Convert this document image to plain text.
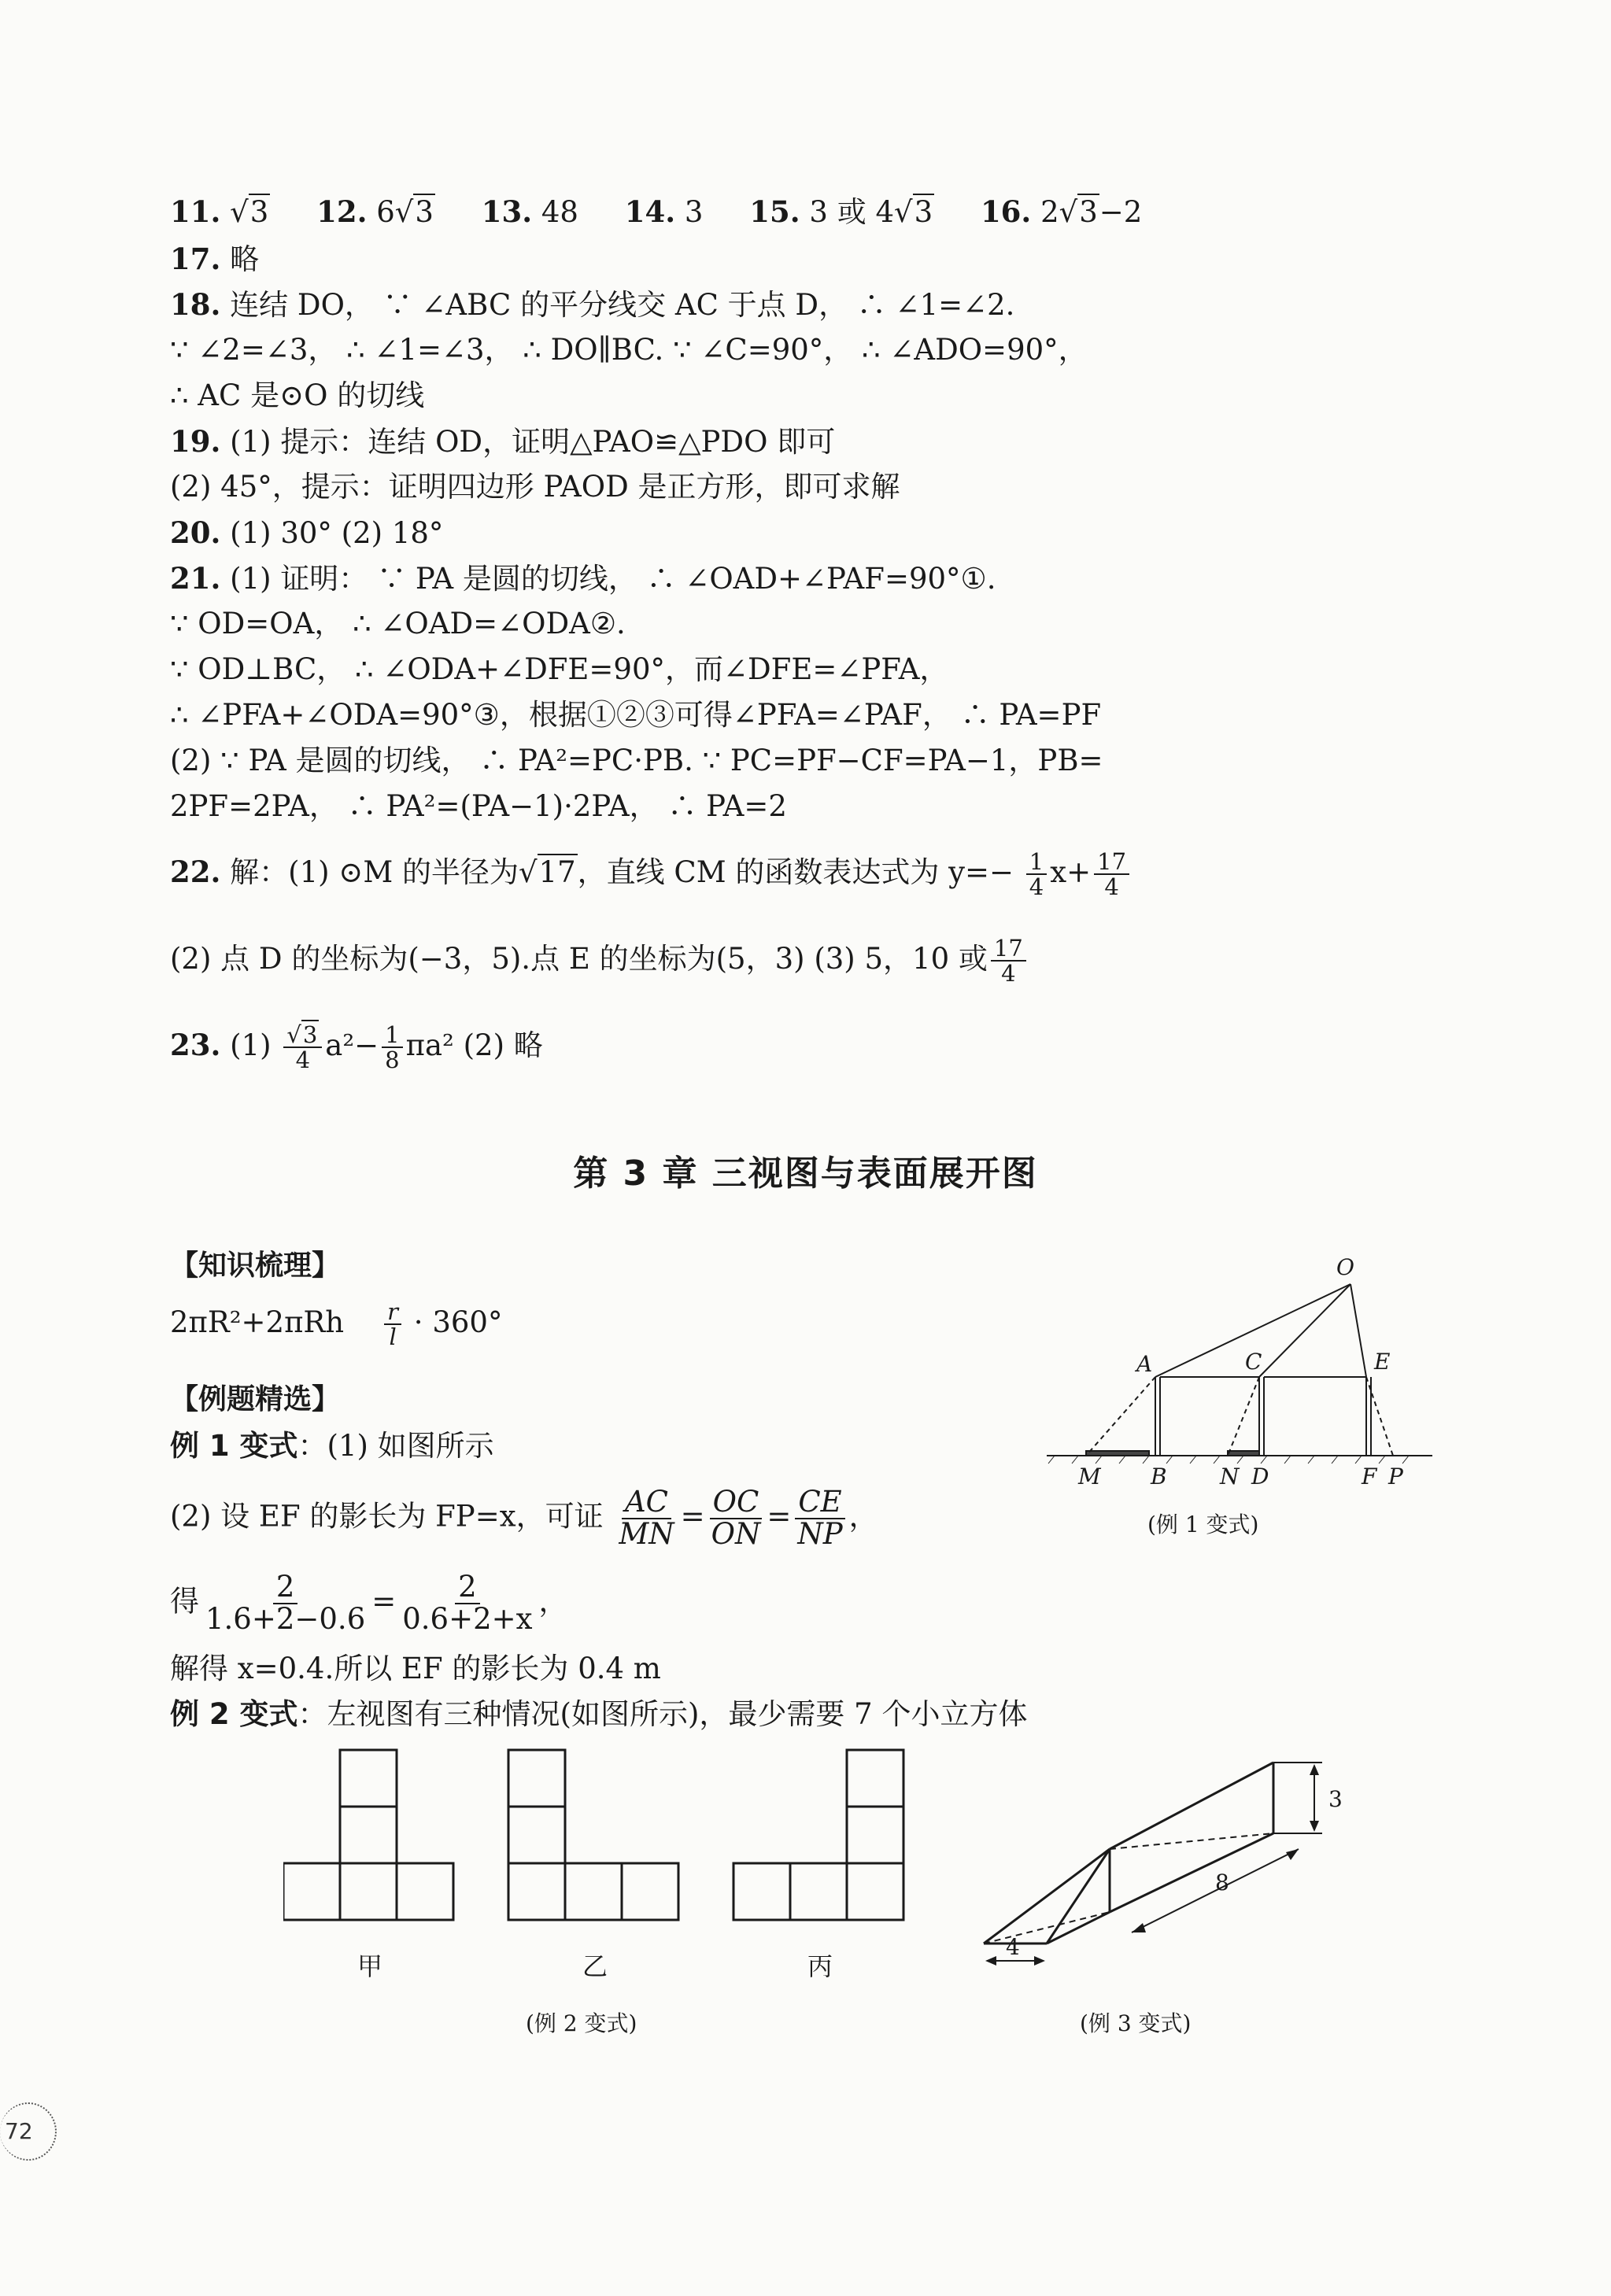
11. √3 12. 6√3 13. 48 14. 3 15. 3 或 4√3 16. 2√3−2
17. 略
18. 连结 DO， ∵ ∠ABC 的平分线交 AC 于点 D， ∴ ∠1=∠2.
∵ ∠2=∠3， ∴ ∠1=∠3， ∴ DO∥BC. ∵ ∠C=90°， ∴ ∠ADO=90°，
∴ AC 是⊙O 的切线
19. (1) 提示：连结 OD，证明△PAO≌△PDO 即可
(2) 45°，提示：证明四边形 PAOD 是正方形，即可求解
20. (1) 30° (2) 18°
21. (1) 证明： ∵ PA 是圆的切线， ∴ ∠OAD+∠PAF=90°①.
∵ OD=OA， ∴ ∠OAD=∠ODA②.
∵ OD⊥BC， ∴ ∠ODA+∠DFE=90°，而∠DFE=∠PFA，
∴ ∠PFA+∠ODA=90°③，根据①②③可得∠PFA=∠PAF， ∴ PA=PF
(2) ∵ PA 是圆的切线， ∴ PA²=PC·PB. ∵ PC=PF−CF=PA−1，PB=
2PF=2PA， ∴ PA²=(PA−1)·2PA， ∴ PA=2
22. 解：(1) ⊙M 的半径为√17，直线 CM 的函数表达式为 $y=- \frac{1}{4} x+ \frac{17}{4}$
(2) 点 D 的坐标为(−3，5).点 E 的坐标为(5，3) (3) 5，10 或 $\frac{17}{4}$
23. $(1) \frac{√3}{4} a^2- \frac{1}{8} \pi a^2$ (2) 略
第 3 章 三视图与表面展开图
【知识梳理】
$2\pi R^2+2\pi Rh \frac{r}{l} \cdot 360^\circ$
【例题精选】
例 1 变式：(1) 如图所示
(2) 设 EF 的影长为 FP=x，可证 $\frac{AC}{MN} = \frac{OC}{ON} = \frac{CE}{NP}$ ，
得 $\frac{2}{1.6+2-0.6} = \frac{2}{0.6+2+x}$ ，
解得 x=0.4.所以 EF 的影长为 0.4 m
例 2 变式：左视图有三种情况(如图所示)，最少需要 7 个小立方体
O
A	C	E
M B N D	F P
(例 1 变式)
甲	乙	丙
(例 2 变式)
3
8
4
(例 3 变式)
72
